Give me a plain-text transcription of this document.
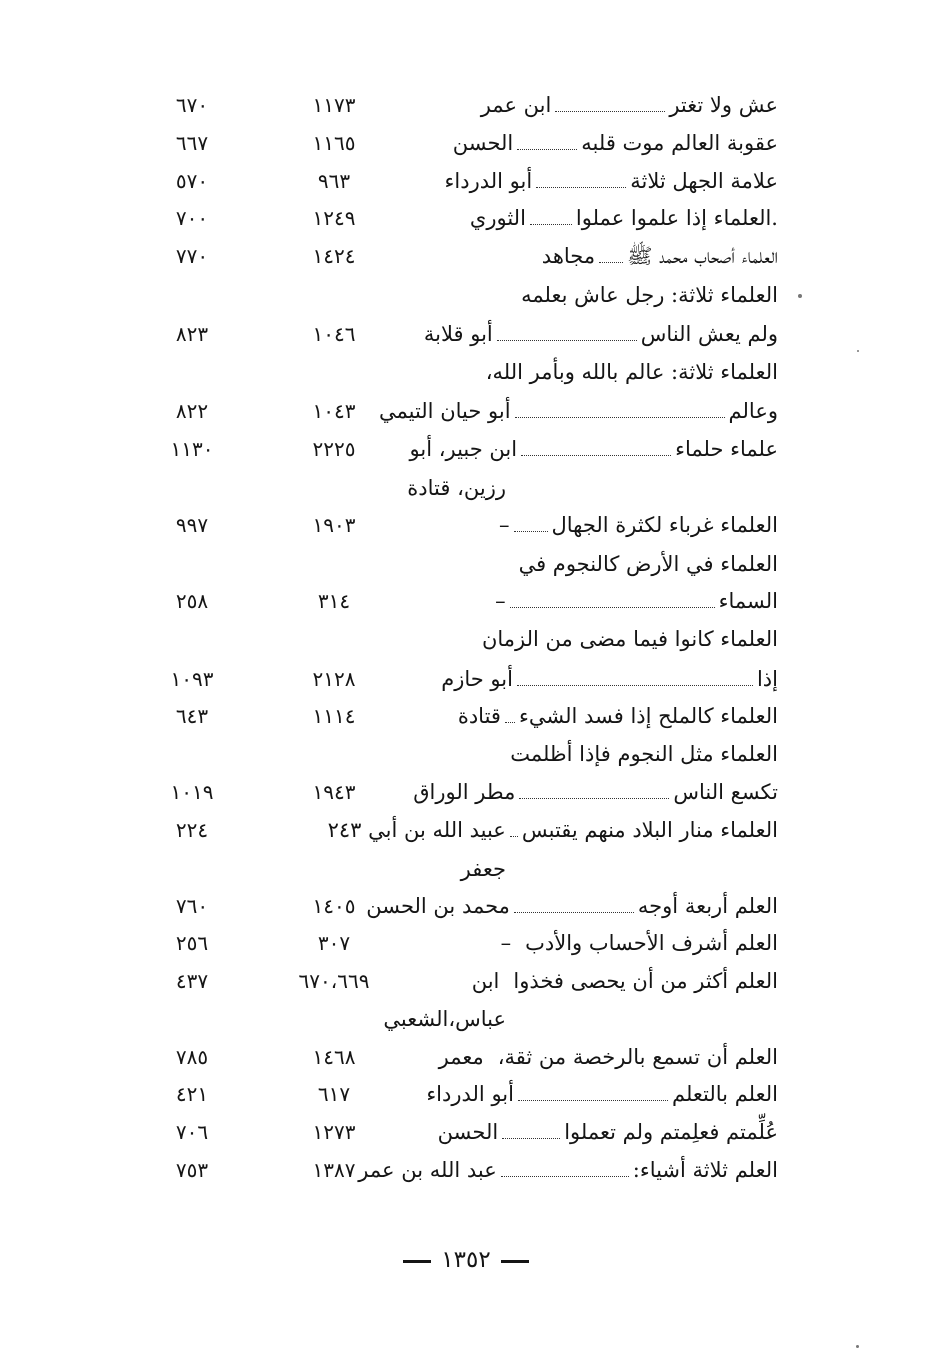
عش ولا تغترابن عمر
١١٧٣
٦٧٠
عقوبة العالم موت قلبهالحسن
١١٦٥
٦٦٧
علامة الجهل ثلاثةأبو الدرداء
٩٦٣
٥٧٠
.العلماء إذا علموا عملواالثوري
١٢٤٩
٧٠٠
العلماء أصحاب محمد ﷺمجاهد
١٤٢٤
٧٧٠
العلماء ثلاثة: رجل عاش بعلمه
ولم يعش الناسأبو قلابة
١٠٤٦
٨٢٣
العلماء ثلاثة: عالم بالله وبأمر الله،
وعالمأبو حيان التيمي
١٠٤٣
٨٢٢
علماء حلماءابن جبير، أبو
٢٢٢٥
١١٣٠
رزين، قتادة
العلماء غرباء لكثرة الجهال–
١٩٠٣
٩٩٧
العلماء في الأرض كالنجوم في
السماء–
٣١٤
٢٥٨
العلماء كانوا فيما مضى من الزمان
إذاأبو حازم
٢١٢٨
١٠٩٣
العلماء كالملح إذا فسد الشيءقتادة
١١١٤
٦٤٣
العلماء مثل النجوم فإذا أظلمت
تكسع الناسمطر الوراق
١٩٤٣
١٠١٩
العلماء منار البلاد منهم يقتبسعبيد الله بن أبي ٢٤٣
٢٢٤
جعفر
العلم أربعة أوجهمحمد بن الحسن
١٤٠٥
٧٦٠
العلم أشرف الأحساب والأدب–
٣٠٧
٢٥٦
العلم أكثر من أن يحصى فخذواابن
٦٧٠،٦٦٩
٤٣٧
عباس،الشعبي
العلم أن تسمع بالرخصة من ثقة،معمر
١٤٦٨
٧٨٥
العلم بالتعلمأبو الدرداء
٦١٧
٤٢١
عُلِّمتم فعلِمتم ولم تعملواالحسن
١٢٧٣
٧٠٦
العلم ثلاثة أشياء:عبد الله بن عمر
١٣٨٧
٧٥٣
١٣٥٢
